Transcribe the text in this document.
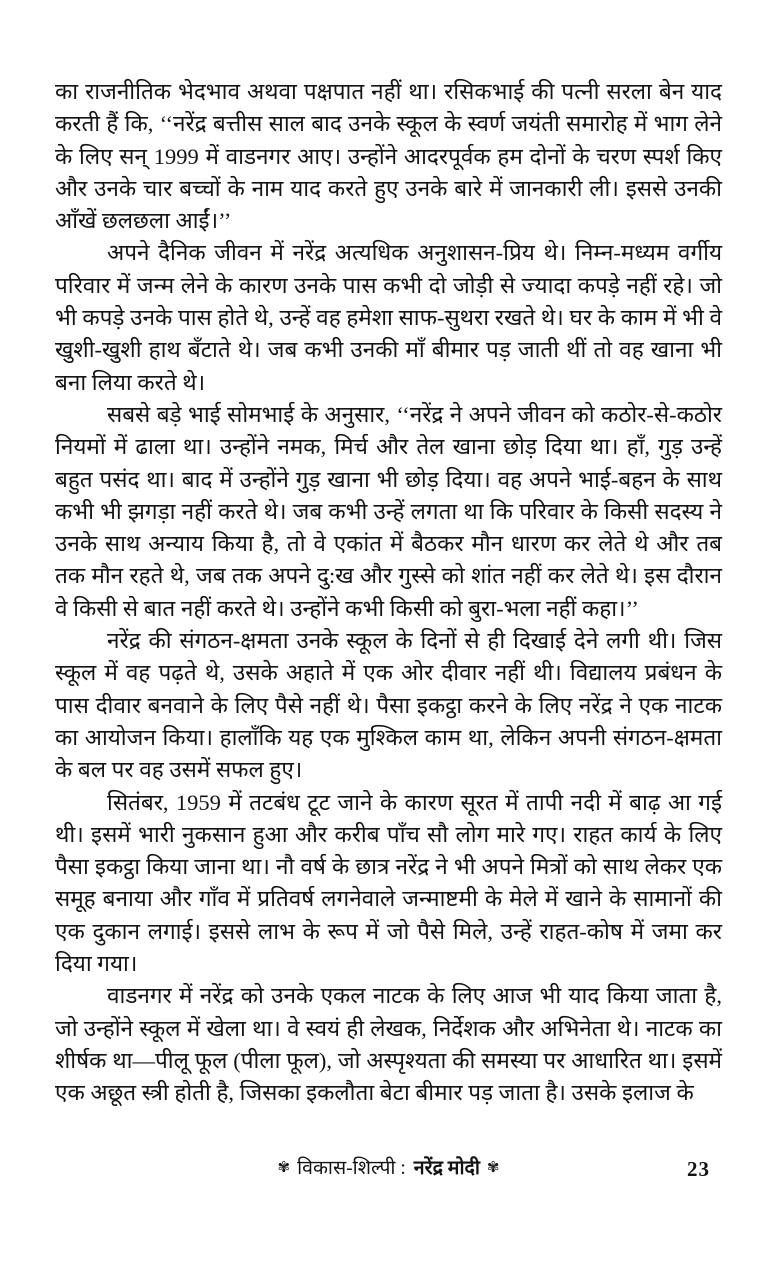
का राजनीतिक भेदभाव अथवा पक्षपात नहीं था। रसिकभाई की पत्नी सरला बेन याद करती हैं कि, ‘‘नरेंद्र बत्तीस साल बाद उनके स्कूल के स्वर्ण जयंती समारोह में भाग लेने के लिए सन् 1999 में वाडनगर आए। उन्होंने आदरपूर्वक हम दोनों के चरण स्पर्श किए और उनके चार बच्चों के नाम याद करते हुए उनके बारे में जानकारी ली। इससे उनकी आँखें छलछला आईं।’’

अपने दैनिक जीवन में नरेंद्र अत्यधिक अनुशासन-प्रिय थे। निम्न-मध्यम वर्गीय परिवार में जन्म लेने के कारण उनके पास कभी दो जोड़ी से ज्यादा कपड़े नहीं रहे। जो भी कपड़े उनके पास होते थे, उन्हें वह हमेशा साफ-सुथरा रखते थे। घर के काम में भी वे खुशी-खुशी हाथ बँटाते थे। जब कभी उनकी माँ बीमार पड़ जाती थीं तो वह खाना भी बना लिया करते थे।

सबसे बड़े भाई सोमभाई के अनुसार, ‘‘नरेंद्र ने अपने जीवन को कठोर-से-कठोर नियमों में ढाला था। उन्होंने नमक, मिर्च और तेल खाना छोड़ दिया था। हाँ, गुड़ उन्हें बहुत पसंद था। बाद में उन्होंने गुड़ खाना भी छोड़ दिया। वह अपने भाई-बहन के साथ कभी भी झगड़ा नहीं करते थे। जब कभी उन्हें लगता था कि परिवार के किसी सदस्य ने उनके साथ अन्याय किया है, तो वे एकांत में बैठकर मौन धारण कर लेते थे और तब तक मौन रहते थे, जब तक अपने दु:ख और गुस्से को शांत नहीं कर लेते थे। इस दौरान वे किसी से बात नहीं करते थे। उन्होंने कभी किसी को बुरा-भला नहीं कहा।’’

नरेंद्र की संगठन-क्षमता उनके स्कूल के दिनों से ही दिखाई देने लगी थी। जिस स्कूल में वह पढ़ते थे, उसके अहाते में एक ओर दीवार नहीं थी। विद्यालय प्रबंधन के पास दीवार बनवाने के लिए पैसे नहीं थे। पैसा इकट्ठा करने के लिए नरेंद्र ने एक नाटक का आयोजन किया। हालाँकि यह एक मुश्किल काम था, लेकिन अपनी संगठन-क्षमता के बल पर वह उसमें सफल हुए।

सितंबर, 1959 में तटबंध टूट जाने के कारण सूरत में तापी नदी में बाढ़ आ गई थी। इसमें भारी नुकसान हुआ और करीब पाँच सौ लोग मारे गए। राहत कार्य के लिए पैसा इकट्ठा किया जाना था। नौ वर्ष के छात्र नरेंद्र ने भी अपने मित्रों को साथ लेकर एक समूह बनाया और गाँव में प्रतिवर्ष लगनेवाले जन्माष्टमी के मेले में खाने के सामानों की एक दुकान लगाई। इससे लाभ के रूप में जो पैसे मिले, उन्हें राहत-कोष में जमा कर दिया गया।

वाडनगर में नरेंद्र को उनके एकल नाटक के लिए आज भी याद किया जाता है, जो उन्होंने स्कूल में खेला था। वे स्वयं ही लेखक, निर्देशक और अभिनेता थे। नाटक का शीर्षक था—पीलू फूल (पीला फूल), जो अस्पृश्यता की समस्या पर आधारित था। इसमें एक अछूत स्त्री होती है, जिसका इकलौता बेटा बीमार पड़ जाता है। उसके इलाज के

✾ विकास-शिल्पी : नरेंद्र मोदी ✾	23
